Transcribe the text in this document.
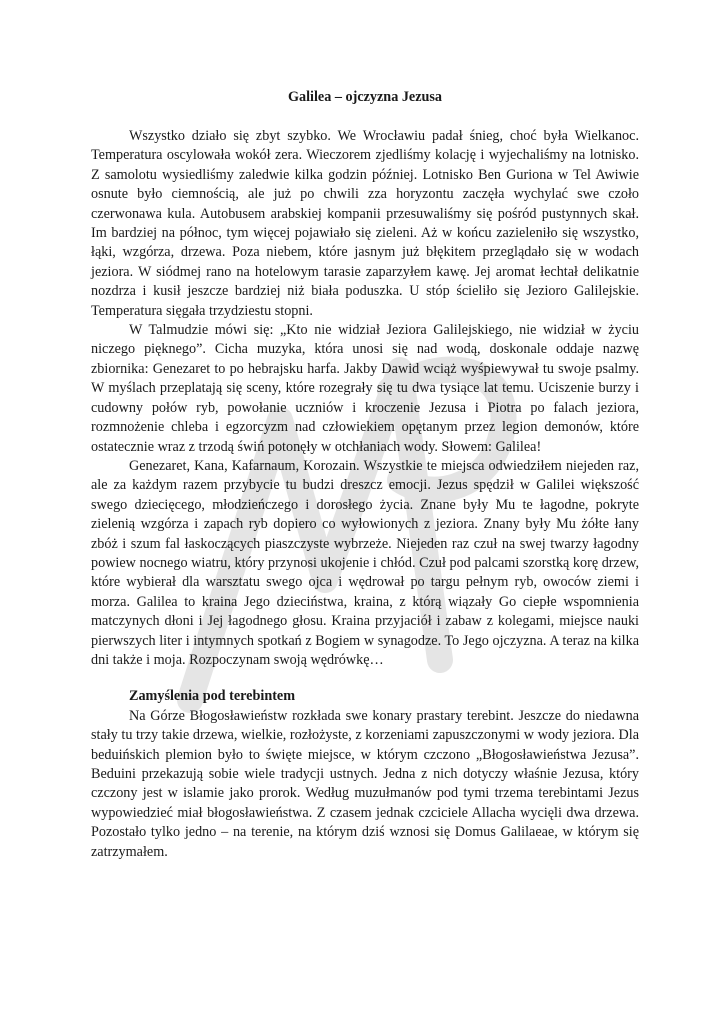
Galilea – ojczyzna Jezusa

Wszystko działo się zbyt szybko. We Wrocławiu padał śnieg, choć była Wielkanoc. Temperatura oscylowała wokół zera. Wieczorem zjedliśmy kolację i wyjechaliśmy na lotnisko. Z samolotu wysiedliśmy zaledwie kilka godzin później. Lotnisko Ben Guriona w Tel Awiwie osnute było ciemnością, ale już po chwili zza horyzontu zaczęła wychylać swe czoło czerwonawa kula. Autobusem arabskiej kompanii przesuwaliśmy się pośród pustynnych skał. Im bardziej na północ, tym więcej pojawiało się zieleni. Aż w końcu zazieleniło się wszystko, łąki, wzgórza, drzewa. Poza niebem, które jasnym już błękitem przeglądało się w wodach jeziora. W siódmej rano na hotelowym tarasie zaparzyłem kawę. Jej aromat łechtał delikatnie nozdrza i kusił jeszcze bardziej niż biała poduszka. U stóp ścieliło się Jezioro Galilejskie. Temperatura sięgała trzydziestu stopni.

W Talmudzie mówi się: „Kto nie widział Jeziora Galilejskiego, nie widział w życiu niczego pięknego”. Cicha muzyka, która unosi się nad wodą, doskonale oddaje nazwę zbiornika: Genezaret to po hebrajsku harfa. Jakby Dawid wciąż wyśpiewywał tu swoje psalmy. W myślach przeplatają się sceny, które rozegrały się tu dwa tysiące lat temu. Uciszenie burzy i cudowny połów ryb, powołanie uczniów i kroczenie Jezusa i Piotra po falach jeziora, rozmnożenie chleba i egzorcyzm nad człowiekiem opętanym przez legion demonów, które ostatecznie wraz z trzodą świń potonęły w otchłaniach wody. Słowem: Galilea!

Genezaret, Kana, Kafarnaum, Korozain. Wszystkie te miejsca odwiedziłem niejeden raz, ale za każdym razem przybycie tu budzi dreszcz emocji. Jezus spędził w Galilei większość swego dziecięcego, młodzieńczego i dorosłego życia. Znane były Mu te łagodne, pokryte zielenią wzgórza i zapach ryb dopiero co wyłowionych z jeziora. Znany były Mu żółte łany zbóż i szum fal łaskoczących piaszczyste wybrzeże. Niejeden raz czuł na swej twarzy łagodny powiew nocnego wiatru, który przynosi ukojenie i chłód. Czuł pod palcami szorstką korę drzew, które wybierał dla warsztatu swego ojca i wędrował po targu pełnym ryb, owoców ziemi i morza. Galilea to kraina Jego dzieciństwa, kraina, z którą wiązały Go ciepłe wspomnienia matczynych dłoni i Jej łagodnego głosu. Kraina przyjaciół i zabaw z kolegami, miejsce nauki pierwszych liter i intymnych spotkań z Bogiem w synagodze. To Jego ojczyzna. A teraz na kilka dni także i moja. Rozpoczynam swoją wędrówkę…

Zamyślenia pod terebintem

Na Górze Błogosławieństw rozkłada swe konary prastary terebint. Jeszcze do niedawna stały tu trzy takie drzewa, wielkie, rozłożyste, z korzeniami zapuszczonymi w wody jeziora. Dla beduińskich plemion było to święte miejsce, w którym czczono „Błogosławieństwa Jezusa”. Beduini przekazują sobie wiele tradycji ustnych. Jedna z nich dotyczy właśnie Jezusa, który czczony jest w islamie jako prorok. Według muzułmanów pod tymi trzema terebintami Jezus wypowiedzieć miał błogosławieństwa. Z czasem jednak czciciele Allacha wycięli dwa drzewa. Pozostało tylko jedno – na terenie, na którym dziś wznosi się Domus Galilaeae, w którym się zatrzymałem.
